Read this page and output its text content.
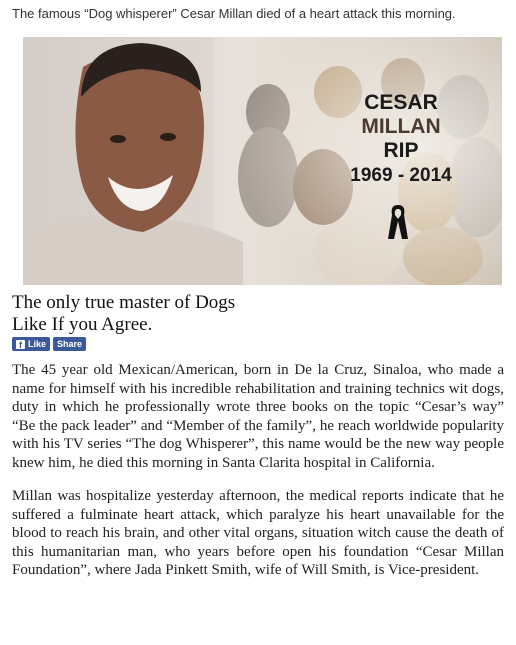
The famous “Dog whisperer” Cesar Millan died of a heart attack this morning.
CESAR
MILLAN
RIP
1969 - 2014
The only true master of Dogs
Like If you Agree.
f Like Share

The 45 year old Mexican/American, born in De la Cruz, Sinaloa, who made a name for himself with his incredible rehabilitation and training technics wit dogs, duty in which he professionally wrote three books on the topic “Cesar’s way” “Be the pack leader” and “Member of the family”, he reach worldwide popularity with his TV series “The dog Whisperer”, this name would be the new way people knew him, he died this morning in Santa Clarita hospital in California.

Millan was hospitalize yesterday afternoon, the medical reports indicate that he suffered a fulminate heart attack, which paralyze his heart unavailable for the blood to reach his brain, and other vital organs, situation witch cause the death of this humanitarian man, who years before open his foundation “Cesar Millan Foundation”, where Jada Pinkett Smith, wife of Will Smith, is Vice-president.
